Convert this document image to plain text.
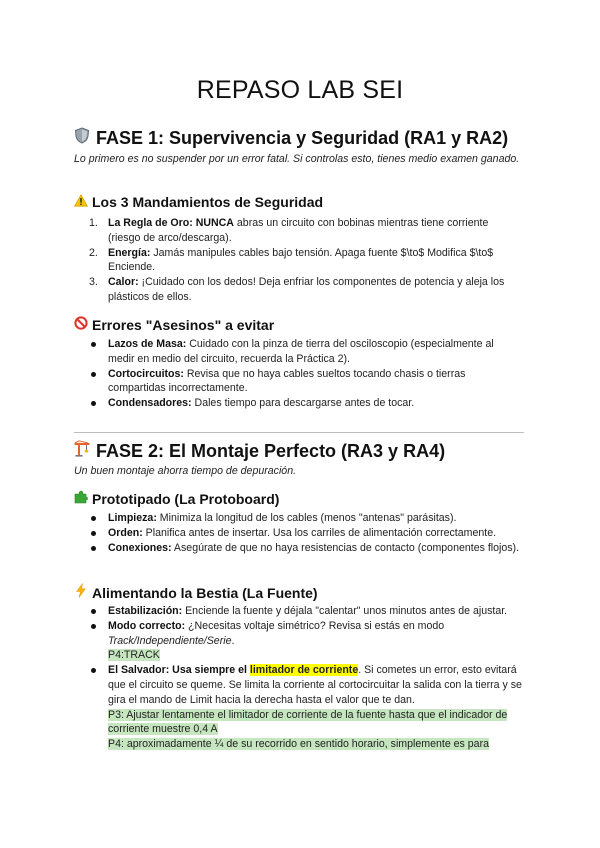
REPASO LAB SEI
FASE 1: Supervivencia y Seguridad (RA1 y RA2)
Lo primero es no suspender por un error fatal. Si controlas esto, tienes medio examen ganado.
Los 3 Mandamientos de Seguridad
1. La Regla de Oro: NUNCA abras un circuito con bobinas mientras tiene corriente (riesgo de arco/descarga).
2. Energía: Jamás manipules cables bajo tensión. Apaga fuente $\to$ Modifica $\to$ Enciende.
3. Calor: ¡Cuidado con los dedos! Deja enfriar los componentes de potencia y aleja los plásticos de ellos.
Errores "Asesinos" a evitar
Lazos de Masa: Cuidado con la pinza de tierra del osciloscopio (especialmente al medir en medio del circuito, recuerda la Práctica 2).
Cortocircuitos: Revisa que no haya cables sueltos tocando chasis o tierras compartidas incorrectamente.
Condensadores: Dales tiempo para descargarse antes de tocar.
FASE 2: El Montaje Perfecto (RA3 y RA4)
Un buen montaje ahorra tiempo de depuración.
Prototipado (La Protoboard)
Limpieza: Minimiza la longitud de los cables (menos "antenas" parásitas).
Orden: Planifica antes de insertar. Usa los carriles de alimentación correctamente.
Conexiones: Asegúrate de que no haya resistencias de contacto (componentes flojos).
Alimentando la Bestia (La Fuente)
Estabilización: Enciende la fuente y déjala "calentar" unos minutos antes de ajustar.
Modo correcto: ¿Necesitas voltaje simétrico? Revisa si estás en modo Track/Independiente/Serie.
P4:TRACK
El Salvador: Usa siempre el limitador de corriente. Si cometes un error, esto evitará que el circuito se queme. Se limita la corriente al cortocircuitar la salida con la tierra y se gira el mando de Limit hacia la derecha hasta el valor que te dan.
P3: Ajustar lentamente el limitador de corriente de la fuente hasta que el indicador de corriente muestre 0,4 A
P4: aproximadamente ¼ de su recorrido en sentido horario, simplemente es para
